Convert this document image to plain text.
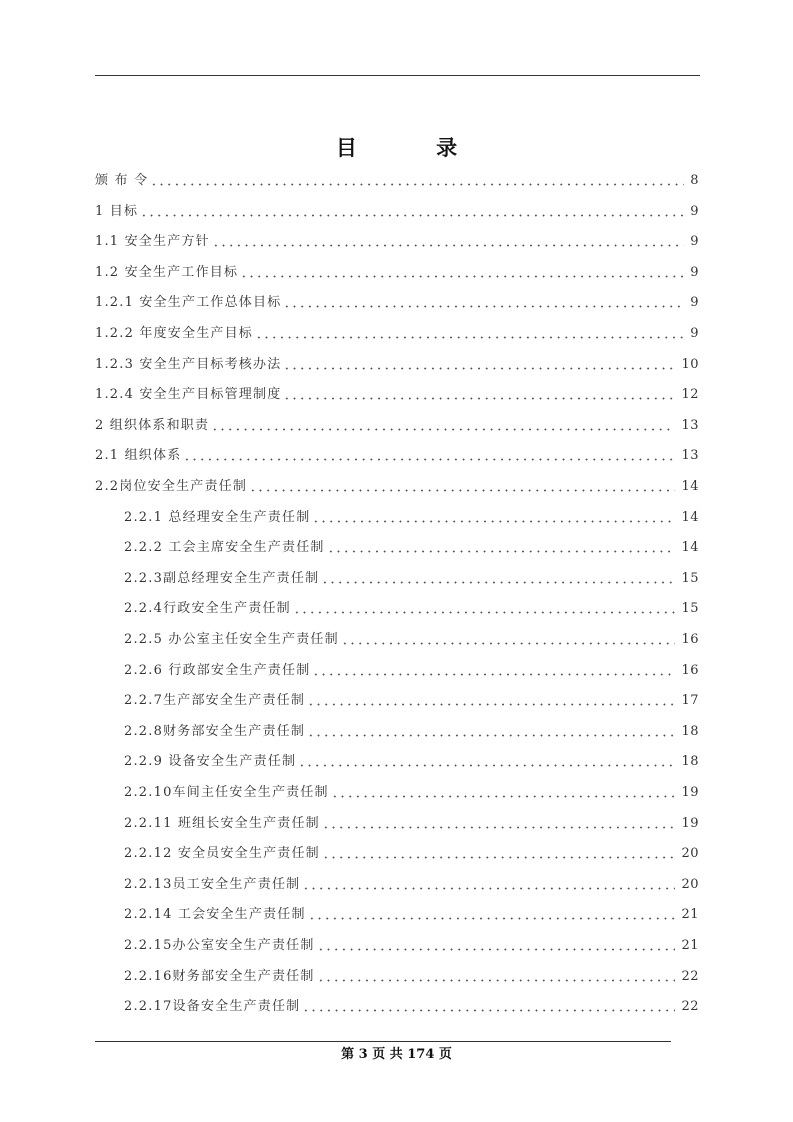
目 录
颁 布 令	8
1 目标	9
1.1 安全生产方针	9
1.2 安全生产工作目标	9
1.2.1 安全生产工作总体目标	9
1.2.2 年度安全生产目标	9
1.2.3 安全生产目标考核办法	10
1.2.4 安全生产目标管理制度	12
2 组织体系和职责	13
2.1 组织体系	13
2.2岗位安全生产责任制	14
2.2.1 总经理安全生产责任制	14
2.2.2 工会主席安全生产责任制	14
2.2.3副总经理安全生产责任制	15
2.2.4行政安全生产责任制	15
2.2.5 办公室主任安全生产责任制	16
2.2.6 行政部安全生产责任制	16
2.2.7生产部安全生产责任制	17
2.2.8财务部安全生产责任制	18
2.2.9 设备安全生产责任制	18
2.2.10车间主任安全生产责任制	19
2.2.11 班组长安全生产责任制	19
2.2.12 安全员安全生产责任制	20
2.2.13员工安全生产责任制	20
2.2.14 工会安全生产责任制	21
2.2.15办公室安全生产责任制	21
2.2.16财务部安全生产责任制	22
2.2.17设备安全生产责任制	22
第 3 页 共 174 页
